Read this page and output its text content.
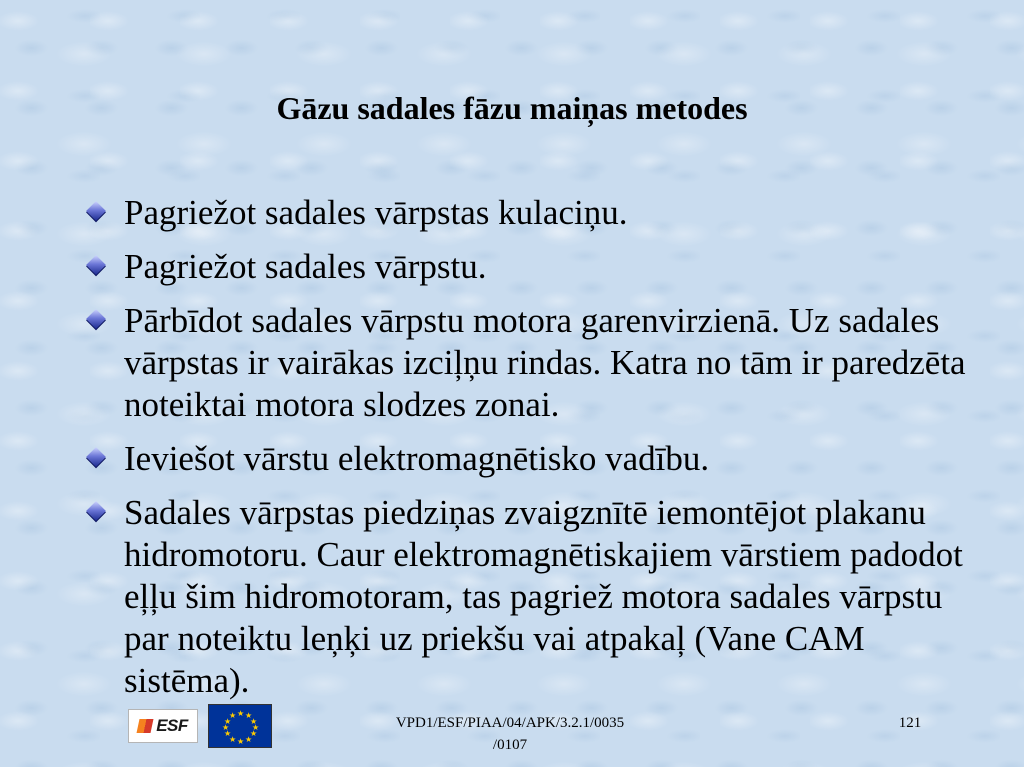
Gāzu sadales fāzu maiņas metodes
Pagriežot sadales vārpstas kulaciņu.
Pagriežot sadales vārpstu.
Pārbīdot sadales vārpstu motora garenvirzienā. Uz sadales vārpstas ir vairākas izciļņu rindas. Katra no tām ir paredzēta noteiktai motora slodzes zonai.
Ieviešot vārstu elektromagnētisko vadību.
Sadales vārpstas piedziņas zvaigznītē iemontējot plakanu hidromotoru. Caur elektromagnētiskajiem vārstiem padodot eļļu šim hidromotoram, tas pagriež motora sadales vārpstu par noteiktu leņķi uz priekšu vai atpakaļ (Vane CAM sistēma).
ESF
★ ★
★
★
★
★
★
★
★
★
★
★	VPD1/ESF/PIAA/04/APK/3.2.1/0035
/0107
121
